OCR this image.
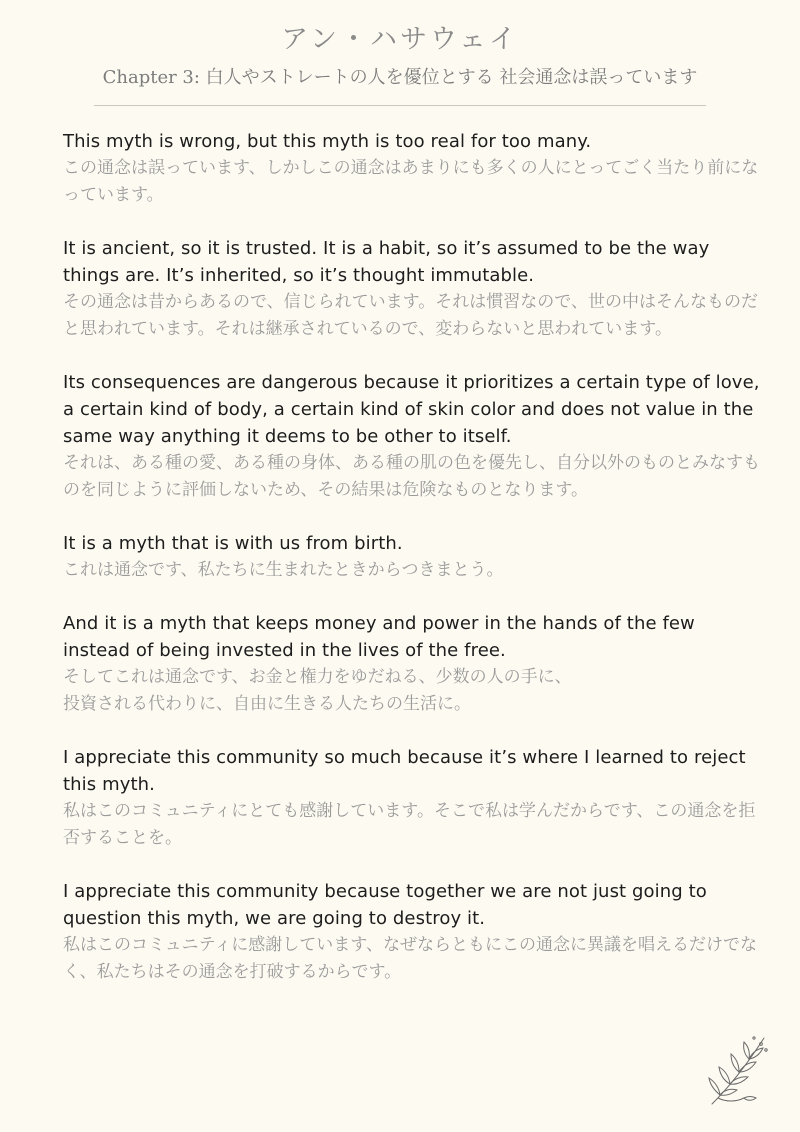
アン・ハサウェイ
Chapter 3: 白人やストレートの人を優位とする 社会通念は誤っています
This myth is wrong, but this myth is too real for too many.
この通念は誤っています、しかしこの通念はあまりにも多くの人にとってごく当たり前になっています。
It is ancient, so it is trusted. It is a habit, so it’s assumed to be the way things are. It’s inherited, so it’s thought immutable.
その通念は昔からあるので、信じられています。それは慣習なので、世の中はそんなものだと思われています。それは継承されているので、変わらないと思われています。
Its consequences are dangerous because it prioritizes a certain type of love, a certain kind of body, a certain kind of skin color and does not value in the same way anything it deems to be other to itself.
それは、ある種の愛、ある種の身体、ある種の肌の色を優先し、自分以外のものとみなすものを同じように評価しないため、その結果は危険なものとなります。
It is a myth that is with us from birth.
これは通念です、私たちに生まれたときからつきまとう。
And it is a myth that keeps money and power in the hands of the few instead of being invested in the lives of the free.
そしてこれは通念です、お金と権力をゆだねる、少数の人の手に、
投資される代わりに、自由に生きる人たちの生活に。
I appreciate this community so much because it’s where I learned to reject this myth.
私はこのコミュニティにとても感謝しています。そこで私は学んだからです、この通念を拒否することを。
I appreciate this community because together we are not just going to question this myth, we are going to destroy it.
私はこのコミュニティに感謝しています、なぜならともにこの通念に異議を唱えるだけでなく、私たちはその通念を打破するからです。
